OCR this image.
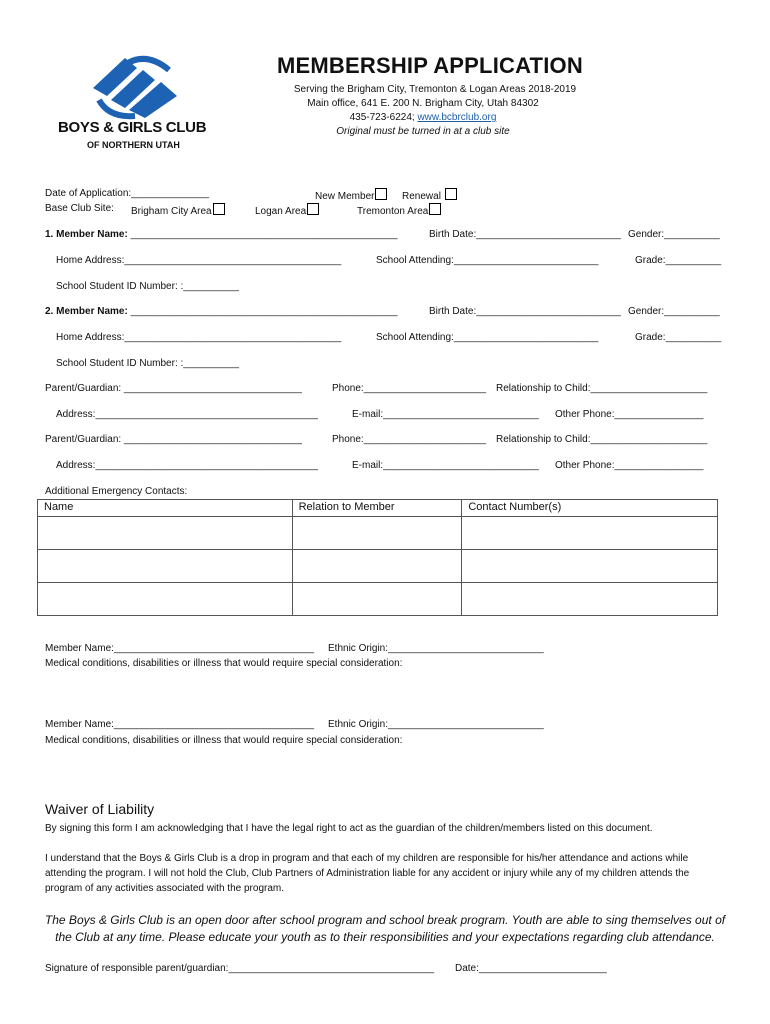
BOYS & GIRLS CLUB
OF NORTHERN UTAH
MEMBERSHIP APPLICATION
Serving the Brigham City, Tremonton & Logan Areas 2018-2019
Main office, 641 E. 200 N. Brigham City, Utah 84302
435-723-6224; www.bcbrclub.org
Original must be turned in at a club site
Date of Application:______________	New Member	Renewal
Base Club Site: Brigham City Area	Logan Area	Tremonton Area
1. Member Name: ________________________________________________	Birth Date:__________________________ Gender:__________
Home Address:_______________________________________	School Attending:__________________________	Grade:__________
School Student ID Number: :__________
2. Member Name: ________________________________________________	Birth Date:__________________________ Gender:__________
Home Address:_______________________________________	School Attending:__________________________	Grade:__________
School Student ID Number: :__________
Parent/Guardian: ________________________________	Phone:______________________ Relationship to Child:_____________________
Address:________________________________________	E-mail:____________________________ Other Phone:________________
Parent/Guardian: ________________________________	Phone:______________________ Relationship to Child:_____________________
Address:________________________________________	E-mail:____________________________ Other Phone:________________
Additional Emergency Contacts:
Name	Relation to Member	Contact Number(s)

Member Name:____________________________________ Ethnic Origin:____________________________
Medical conditions, disabilities or illness that would require special consideration:
Member Name:____________________________________ Ethnic Origin:____________________________
Medical conditions, disabilities or illness that would require special consideration:
Waiver of Liability
By signing this form I am acknowledging that I have the legal right to act as the guardian of the children/members listed on this document.
I understand that the Boys & Girls Club is a drop in program and that each of my children are responsible for his/her attendance and actions while attending the program. I will not hold the Club, Club Partners of Administration liable for any accident or injury while any of my children attends the program of any activities associated with the program.
The Boys & Girls Club is an open door after school program and school break program. Youth are able to sing themselves out of the Club at any time. Please educate your youth as to their responsibilities and your expectations regarding club attendance.
Signature of responsible parent/guardian:_____________________________________ Date:_______________________
